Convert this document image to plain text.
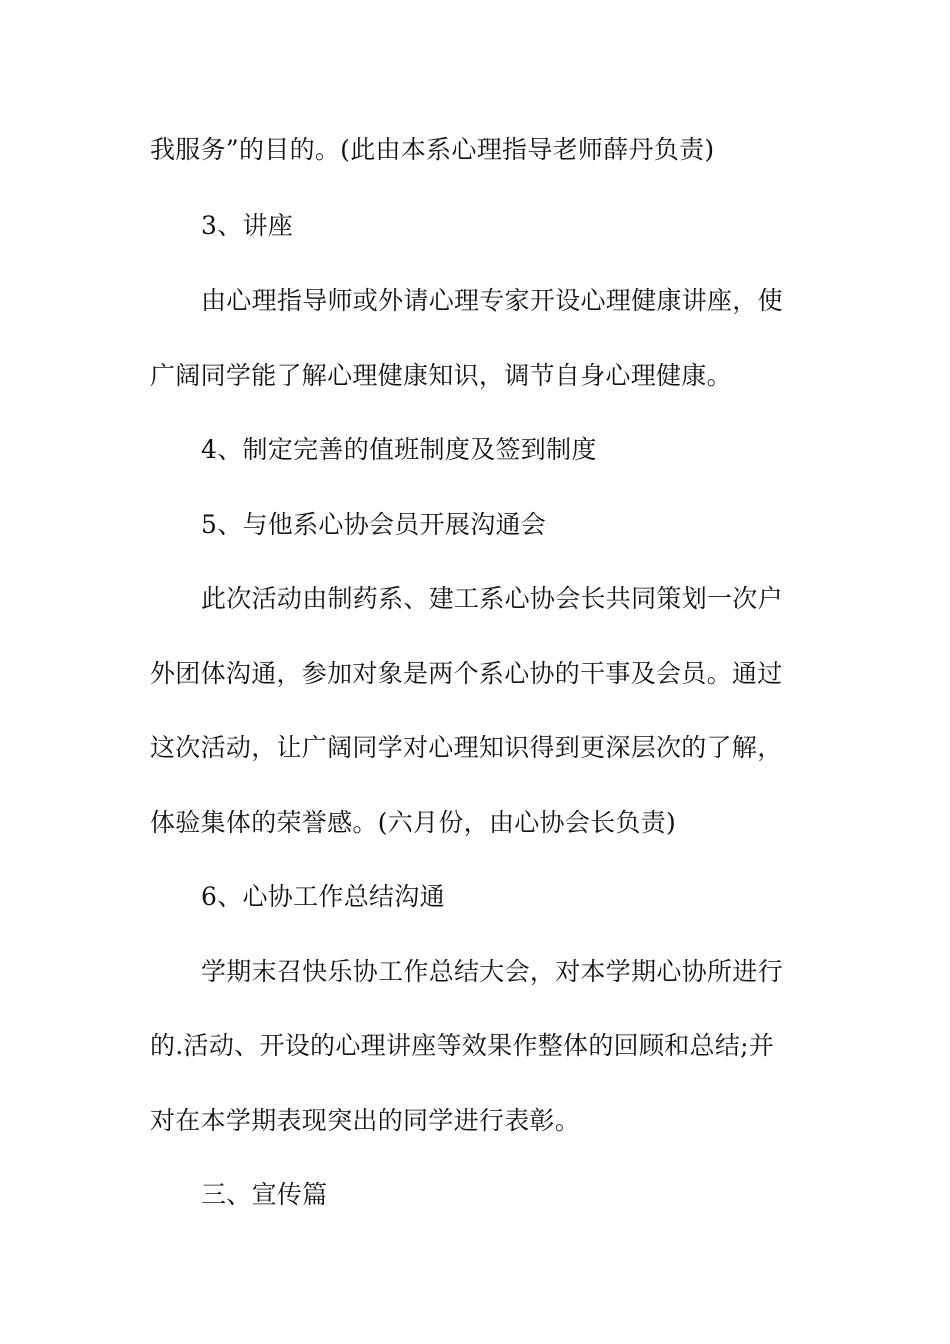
我服务”的目的。(此由本系心理指导老师薛丹负责)
3、讲座
由心理指导师或外请心理专家开设心理健康讲座，使
广阔同学能了解心理健康知识，调节自身心理健康。
4、制定完善的值班制度及签到制度
5、与他系心协会员开展沟通会
此次活动由制药系、建工系心协会长共同策划一次户
外团体沟通，参加对象是两个系心协的干事及会员。通过
这次活动，让广阔同学对心理知识得到更深层次的了解，
体验集体的荣誉感。(六月份，由心协会长负责)
6、心协工作总结沟通
学期末召快乐协工作总结大会，对本学期心协所进行
的.活动、开设的心理讲座等效果作整体的回顾和总结;并
对在本学期表现突出的同学进行表彰。
三、宣传篇
